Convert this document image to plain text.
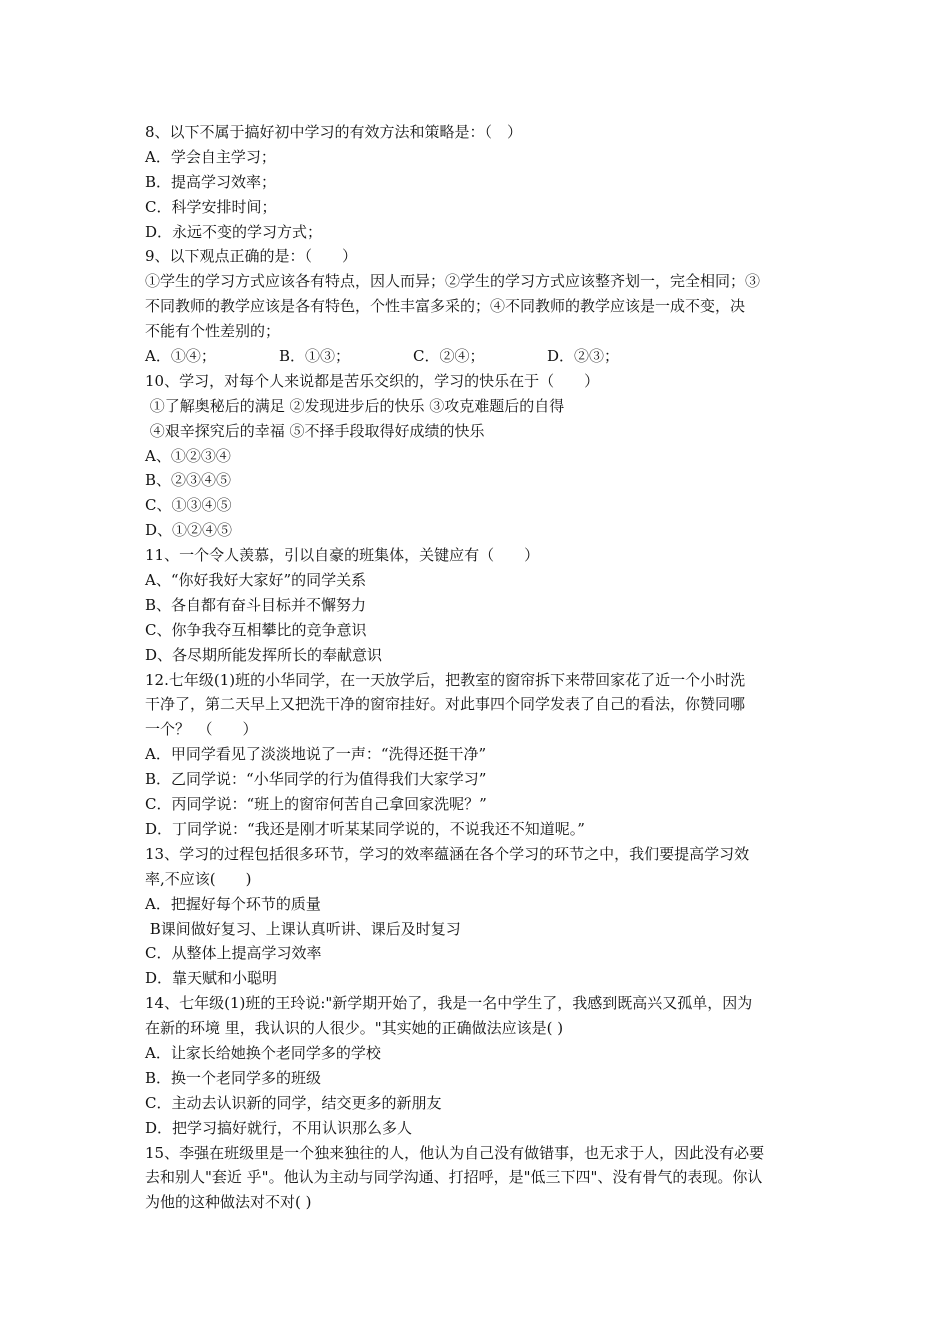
8、以下不属于搞好初中学习的有效方法和策略是：（　）
A．学会自主学习；
B．提高学习效率；
C．科学安排时间；
D．永远不变的学习方式；
9、以下观点正确的是：（　　）
①学生的学习方式应该各有特点，因人而异；②学生的学习方式应该整齐划一，完全相同；③
不同教师的教学应该是各有特色，个性丰富多采的；④不同教师的教学应该是一成不变，决
不能有个性差别的；
A．①④；	B．①③；	C．②④；	D．②③；
10、学习，对每个人来说都是苦乐交织的，学习的快乐在于（　　）
①了解奥秘后的满足 ②发现进步后的快乐 ③攻克难题后的自得
④艰辛探究后的幸福 ⑤不择手段取得好成绩的快乐
A、①②③④
B、②③④⑤
C、①③④⑤
D、①②④⑤
11、一个令人羡慕，引以自豪的班集体，关键应有（　　）
A、“你好我好大家好”的同学关系
B、各自都有奋斗目标并不懈努力
C、你争我夺互相攀比的竞争意识
D、各尽期所能发挥所长的奉献意识
12.七年级(1)班的小华同学，在一天放学后，把教室的窗帘拆下来带回家花了近一个小时洗
干净了，第二天早上又把洗干净的窗帘挂好。对此事四个同学发表了自己的看法，你赞同哪
一个？　（　　）
A．甲同学看见了淡淡地说了一声：“洗得还挺干净”
B．乙同学说：“小华同学的行为值得我们大家学习”
C．丙同学说：“班上的窗帘何苦自己拿回家洗呢？”
D．丁同学说：“我还是刚才听某某同学说的，不说我还不知道呢。”
13、学习的过程包括很多环节，学习的效率蕴涵在各个学习的环节之中，我们要提高学习效
率,不应该(　　)
A．把握好每个环节的质量
B课间做好复习、上课认真听讲、课后及时复习
C．从整体上提高学习效率
D．靠天赋和小聪明
14、七年级(1)班的王玲说:"新学期开始了，我是一名中学生了，我感到既高兴又孤单，因为
在新的环境 里，我认识的人很少。"其实她的正确做法应该是( )
A．让家长给她换个老同学多的学校
B．换一个老同学多的班级
C．主动去认识新的同学，结交更多的新朋友
D．把学习搞好就行，不用认识那么多人
15、李强在班级里是一个独来独往的人，他认为自己没有做错事，也无求于人，因此没有必要
去和别人"套近 乎"。他认为主动与同学沟通、打招呼，是"低三下四"、没有骨气的表现。你认
为他的这种做法对不对( )
